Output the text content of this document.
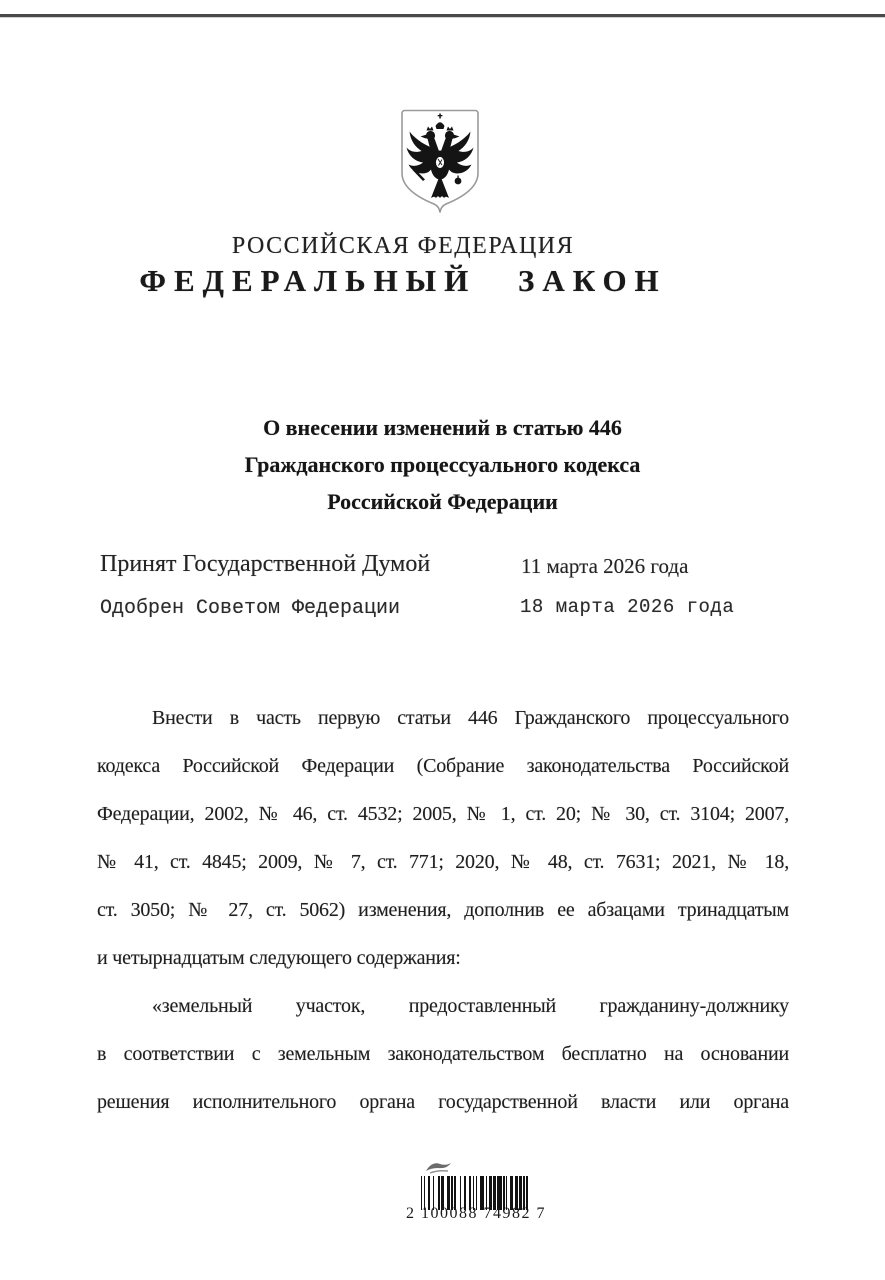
РОССИЙСКАЯ ФЕДЕРАЦИЯ
ФЕДЕРАЛЬНЫЙ ЗАКОН
О внесении изменений в статью 446
Гражданского процессуального кодекса
Российской Федерации
Принят Государственной Думой	11 марта 2026 года
Одобрен Советом Федерации	18 марта 2026 года
Внести в часть первую статьи 446 Гражданского процессуального
кодекса Российской Федерации (Собрание законодательства Российской
Федерации, 2002, № 46, ст. 4532; 2005, № 1, ст. 20; № 30, ст. 3104; 2007,
№ 41, ст. 4845; 2009, № 7, ст. 771; 2020, № 48, ст. 7631; 2021, № 18,
ст. 3050; № 27, ст. 5062) изменения, дополнив ее абзацами тринадцатым
и четырнадцатым следующего содержания:
«земельный участок, предоставленный гражданину-должнику
в соответствии с земельным законодательством бесплатно на основании
решения исполнительного органа государственной власти или органа
2 100088 74982 7
